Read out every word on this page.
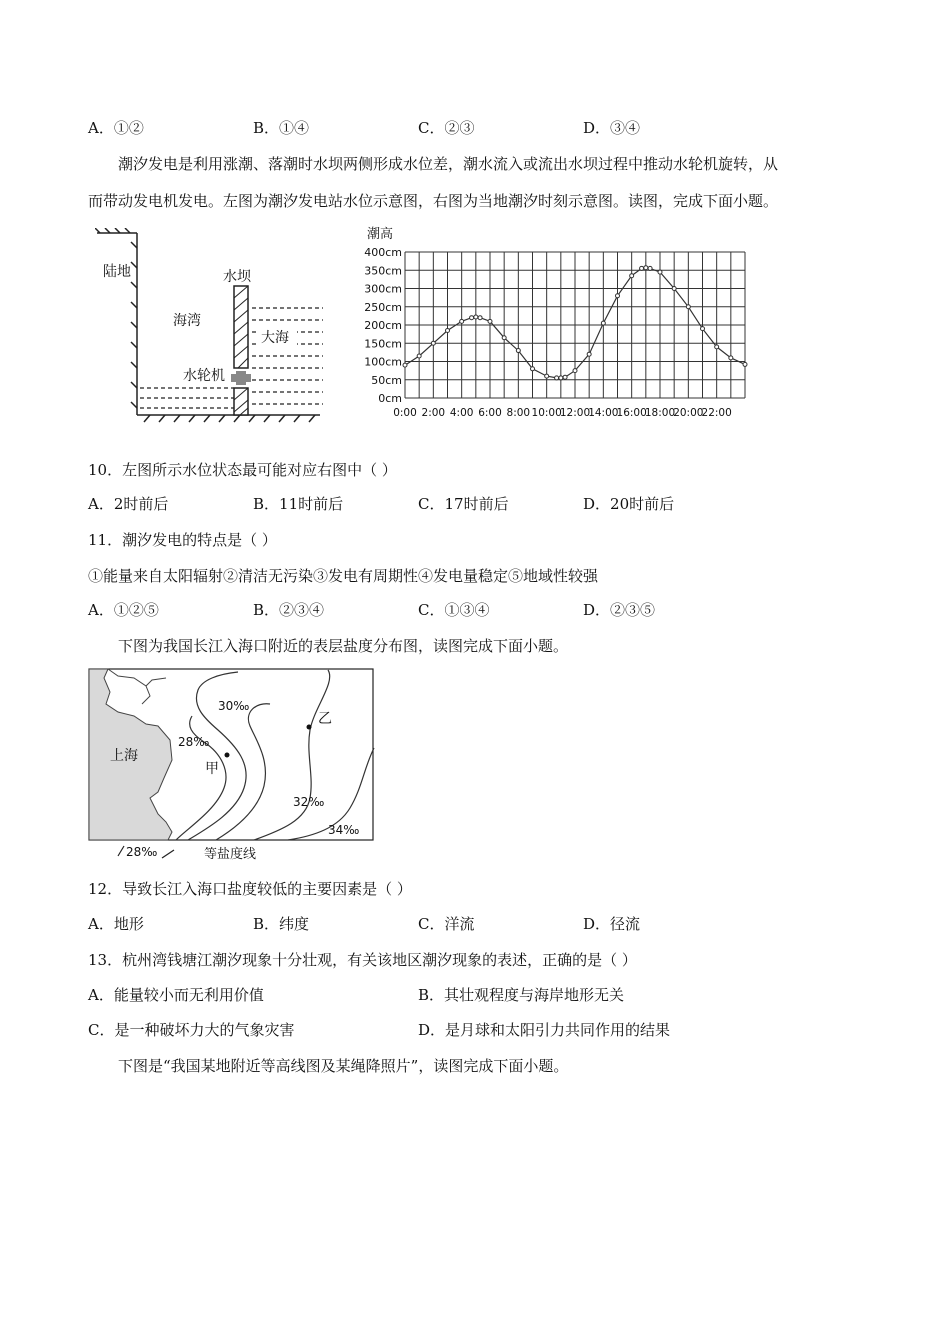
A．①②	B．①④	C．②③	D．③④
潮汐发电是利用涨潮、落潮时水坝两侧形成水位差，潮水流入或流出水坝过程中推动水轮机旋转，从
而带动发电机发电。左图为潮汐发电站水位示意图，右图为当地潮汐时刻示意图。读图，完成下面小题。
陆地	水坝
海湾
大海
水轮机
潮高
0cm
50cm
100cm
150cm
200cm
250cm
300cm
350cm
400cm
0:00 2:00 4:00 6:00 8:00 10:00
12:00
14:00
16:00
18:00
20:00
22:00
10．左图所示水位状态最可能对应右图中（ ）
A．2时前后	B．11时前后	C．17时前后	D．20时前后
11．潮汐发电的特点是（ ）
①能量来自太阳辐射②清洁无污染③发电有周期性④发电量稳定⑤地域性较强
A．①②⑤	B．②③④	C．①③④	D．②③⑤
下图为我国长江入海口附近的表层盐度分布图，读图完成下面小题。
上海
甲
乙
30‰
28‰
32‰
34‰
28‰	等盐度线
12．导致长江入海口盐度较低的主要因素是（ ）
A．地形	B．纬度	C．洋流	D．径流
13．杭州湾钱塘江潮汐现象十分壮观，有关该地区潮汐现象的表述，正确的是（ ）
A．能量较小而无利用价值	B．其壮观程度与海岸地形无关
C．是一种破坏力大的气象灾害	D．是月球和太阳引力共同作用的结果
下图是“我国某地附近等高线图及某绳降照片”，读图完成下面小题。
